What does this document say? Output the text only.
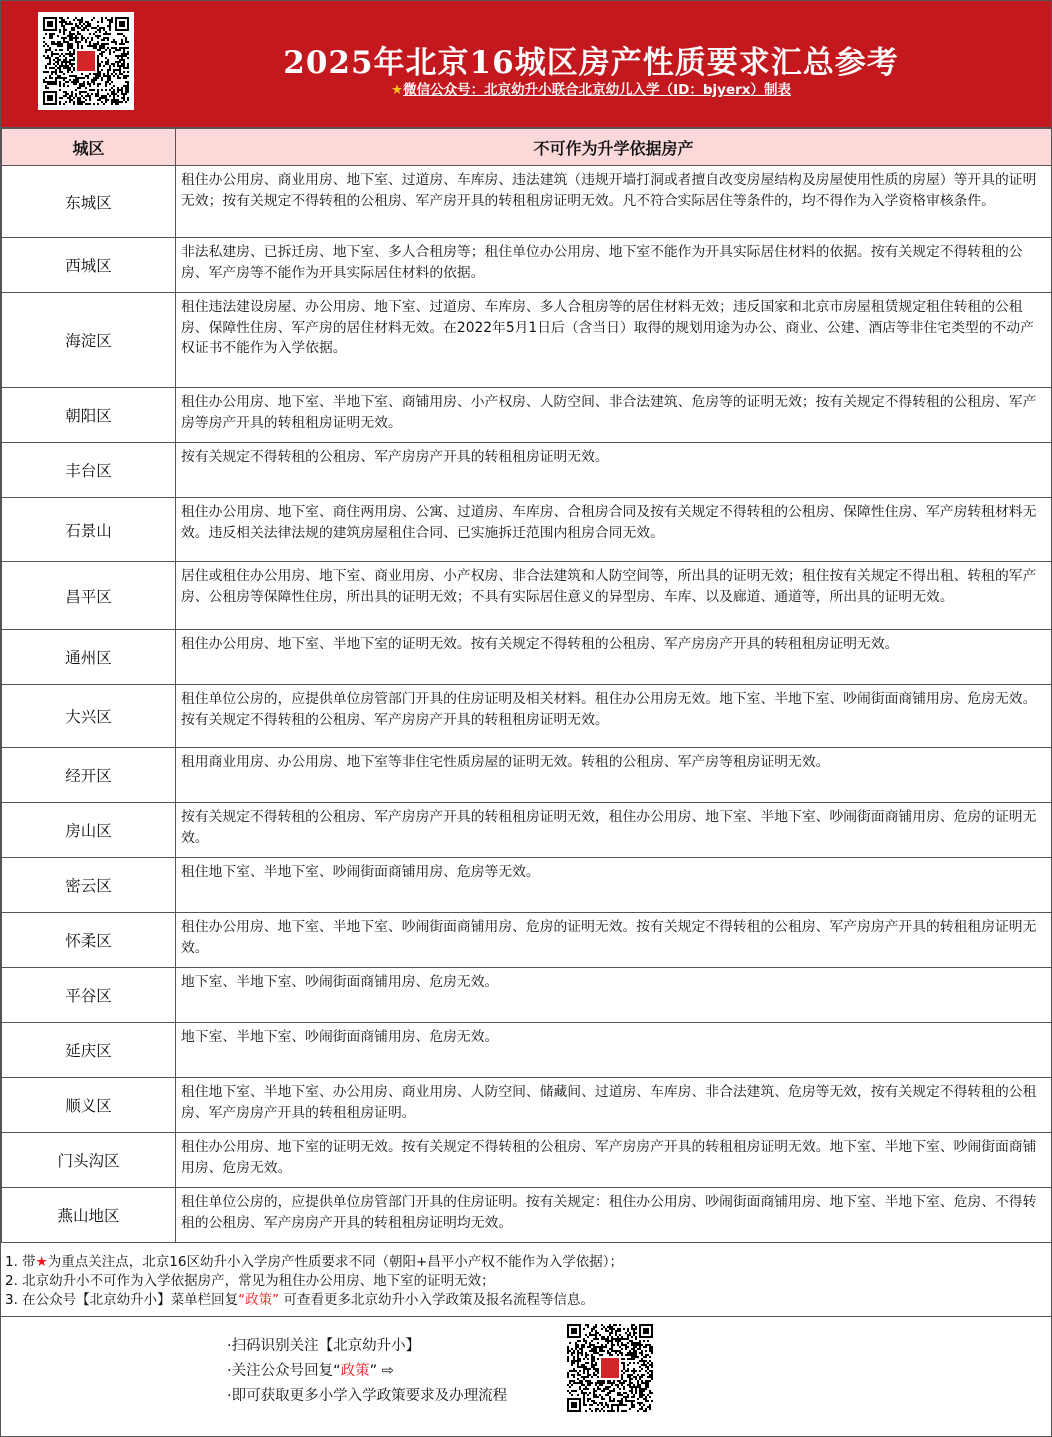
2025年北京16城区房产性质要求汇总参考
★微信公众号：北京幼升小联合北京幼儿入学（ID：bjyerx）制表
城区	不可作为升学依据房产
东城区	租住办公用房、商业用房、地下室、过道房、车库房、违法建筑（违规开墙打洞或者擅自改变房屋结构及房屋使用性质的房屋）等开具的证明无效；按有关规定不得转租的公租房、军产房开具的转租租房证明无效。凡不符合实际居住等条件的，均不得作为入学资格审核条件。
西城区	非法私建房、已拆迁房、地下室、多人合租房等；租住单位办公用房、地下室不能作为开具实际居住材料的依据。按有关规定不得转租的公房、军产房等不能作为开具实际居住材料的依据。
海淀区	租住违法建设房屋、办公用房、地下室、过道房、车库房、多人合租房等的居住材料无效；违反国家和北京市房屋租赁规定租住转租的公租房、保障性住房、军产房的居住材料无效。在2022年5月1日后（含当日）取得的规划用途为办公、商业、公建、酒店等非住宅类型的不动产权证书不能作为入学依据。
朝阳区	租住办公用房、地下室、半地下室、商铺用房、小产权房、人防空间、非合法建筑、危房等的证明无效；按有关规定不得转租的公租房、军产房等房产开具的转租租房证明无效。
丰台区	按有关规定不得转租的公租房、军产房房产开具的转租租房证明无效。
石景山	租住办公用房、地下室、商住两用房、公寓、过道房、车库房、合租房合同及按有关规定不得转租的公租房、保障性住房、军产房转租材料无效。违反相关法律法规的建筑房屋租住合同、已实施拆迁范围内租房合同无效。
昌平区	居住或租住办公用房、地下室、商业用房、小产权房、非合法建筑和人防空间等，所出具的证明无效；租住按有关规定不得出租、转租的军产房、公租房等保障性住房，所出具的证明无效；不具有实际居住意义的异型房、车库、以及廊道、通道等，所出具的证明无效。
通州区	租住办公用房、地下室、半地下室的证明无效。按有关规定不得转租的公租房、军产房房产开具的转租租房证明无效。
大兴区	租住单位公房的，应提供单位房管部门开具的住房证明及相关材料。租住办公用房无效。地下室、半地下室、吵闹街面商铺用房、危房无效。按有关规定不得转租的公租房、军产房房产开具的转租租房证明无效。
经开区	租用商业用房、办公用房、地下室等非住宅性质房屋的证明无效。转租的公租房、军产房等租房证明无效。
房山区	按有关规定不得转租的公租房、军产房房产开具的转租租房证明无效，租住办公用房、地下室、半地下室、吵闹街面商铺用房、危房的证明无效。
密云区	租住地下室、半地下室、吵闹街面商铺用房、危房等无效。
怀柔区	租住办公用房、地下室、半地下室、吵闹街面商铺用房、危房的证明无效。按有关规定不得转租的公租房、军产房房产开具的转租租房证明无效。
平谷区	地下室、半地下室、吵闹街面商铺用房、危房无效。
延庆区	地下室、半地下室、吵闹街面商铺用房、危房无效。
顺义区	租住地下室、半地下室、办公用房、商业用房、人防空间、储藏间、过道房、车库房、非合法建筑、危房等无效，按有关规定不得转租的公租房、军产房房产开具的转租租房证明。
门头沟区	租住办公用房、地下室的证明无效。按有关规定不得转租的公租房、军产房房产开具的转租租房证明无效。地下室、半地下室、吵闹街面商铺用房、危房无效。
燕山地区	租住单位公房的，应提供单位房管部门开具的住房证明。按有关规定：租住办公用房、吵闹街面商铺用房、地下室、半地下室、危房、不得转租的公租房、军产房房产开具的转租租房证明均无效。
1. 带★为重点关注点，北京16区幼升小入学房产性质要求不同（朝阳+昌平小产权不能作为入学依据）；
2. 北京幼升小不可作为入学依据房产，常见为租住办公用房、地下室的证明无效；
3. 在公众号【北京幼升小】菜单栏回复“政策” 可查看更多北京幼升小入学政策及报名流程等信息。
·扫码识别关注【北京幼升小】
·关注公众号回复“政策” ⇨
·即可获取更多小学入学政策要求及办理流程
